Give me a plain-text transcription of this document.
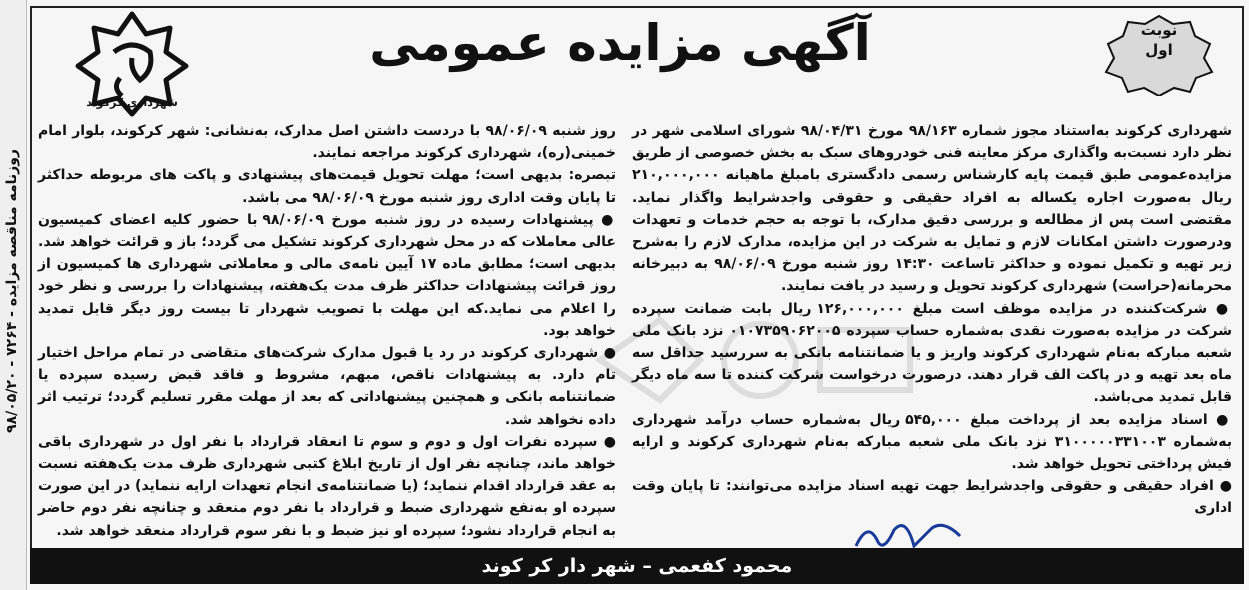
روزنامه مناقصه مزایده - ۷۲۶۴ - ۹۸/۰۵/۲۰
شهرداری کرکوند
آگهی مزایده عمومی	نوبت
اول

شهرداری کرکوند به‌استناد مجوز شماره ۹۸/۱۶۳ مورخ ۹۸/۰۴/۳۱ شورای اسلامی شهر در نظر دارد نسبت‌به واگذاری مرکز معاینه فنی خودروهای سبک به بخش خصوصی از طریق مزایده‌عمومی طبق قیمت پایه کارشناس رسمی دادگستری با‌مبلغ ماهیانه ۲۱۰,۰۰۰,۰۰۰ ریال به‌صورت اجاره یکساله به افراد حقیقی و حقوقی واجد‌شرایط واگذار نماید. مقتضی است پس از مطالعه و بررسی دقیق مدارک، با توجه به حجم خدمات و تعهدات ودر‌صورت داشتن امکانات لازم و تمایل به شرکت در این مزایده، مدارک لازم را به‌شرح زیر تهیه و تکمیل نموده و حداکثر تاساعت ۱۴:۳۰ روز شنبه مورخ ۹۸/۰۶/۰۹ به دبیرخانه محرمانه(حراست) شهرداری کرکوند تحویل و رسید در یافت نمایند.

● شرکت‌کننده در مزایده موظف است مبلغ ۱۲۶,۰۰۰,۰۰۰ ریال بابت ضمانت سپرده شرکت در مزایده به‌صورت نقدی به‌شماره حساب سپرده ۰۱۰۷۳۵۹۰۶۲۰۰۵ نزد بانک ملی شعبه مبارکه به‌نام شهرداری کرکوند واریز و یا ضمانتنامه بانکی به سررسید حداقل سه ماه بعد تهیه و در پاکت الف قرار دهند. در‌صورت در‌خواست شرکت کننده تا سه ماه دیگر قابل تمدید می‌باشد.

● اسناد مزایده بعد از پرداخت مبلغ ۵۴۵,۰۰۰ ریال به‌شماره حساب درآمد شهرداری به‌شماره ۳۱۰۰۰۰۰۳۳۱۰۰۳ نزد بانک ملی شعبه مبارکه به‌نام شهرداری کرکوند و ارایه فیش پرداختی تحویل خواهد شد.

● افراد حقیقی و حقوقی واجد‌شرایط جهت تهیه اسناد مزایده می‌توانند: تا پایان وقت اداری

روز شنبه ۹۸/۰۶/۰۹ با در‌دست داشتن اصل مدارک، به‌نشانی: شهر کرکوند، بلوار امام خمینی(ره)، شهرداری کرکوند مراجعه نمایند.

تبصره: بدیهی است؛ مهلت تحویل قیمت‌های پیشنهادی و پاکت های مربوطه حداکثر تا پایان وقت اداری روز شنبه مورخ ۹۸/۰۶/۰۹ می باشد.

● پیشنهادات رسیده در روز شنبه مورخ ۹۸/۰۶/۰۹ با حضور کلیه اعضای کمیسیون عالی معاملات که در محل شهرداری کرکوند تشکیل می گردد؛ باز و قرائت خواهد شد. بدیهی است؛ مطابق ماده ۱۷ آیین نامه‌ی مالی و معاملاتی شهرداری ها کمیسیون از روز قرائت پیشنهادات حداکثر ظرف مدت یک‌هفته، پیشنهادات را بررسی و نظر خود را اعلام می نماید.که این مهلت با تصویب شهردار تا بیست روز دیگر قابل تمدید خواهد بود.

● شهرداری کرکوند در رد یا قبول مدارک شرکت‌های متقاضی در تمام مراحل اختیار تام دارد. به پیشنهادات ناقص، مبهم، مشروط و فاقد قبض رسیده سپرده یا ضمانتنامه بانکی و همچنین پیشنهاداتی که بعد از مهلت مقرر تسلیم گردد؛ ترتیب اثر داده نخواهد شد.

● سپرده نفرات اول و دوم و سوم تا انعقاد قرارداد با نفر اول در شهرداری باقی خواهد ماند، چنانچه نفر اول از تاریخ ابلاغ کتبی شهرداری ظرف مدت یک‌هفته نسبت به عقد قرارداد اقدام ننماید؛ (یا ضمانتنامه‌ی انجام تعهدات ارایه ننماید) در این صورت سپرده او به‌نفع شهرداری ضبط و قرارداد با نفر دوم منعقد و چنانچه نفر دوم حاضر به انجام قرارداد نشود؛ سپرده او نیز ضبط و با نفر سوم قرارداد منعقد خواهد شد.

محمود کفعمی – شهر دار کر کوند
